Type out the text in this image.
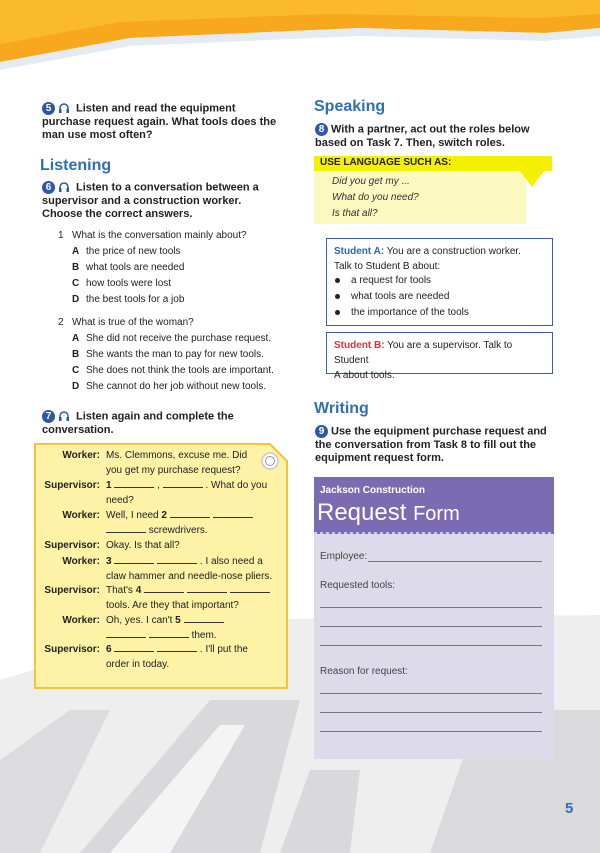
5 Listen and read the equipment purchase request again. What tools does the man use most often?
Listening
6 Listen to a conversation between a supervisor and a construction worker. Choose the correct answers.
1 What is the conversation mainly about?
A the price of new tools
B what tools are needed
C how tools were lost
D the best tools for a job
2 What is true of the woman?
A She did not receive the purchase request.
B She wants the man to pay for new tools.
C She does not think the tools are important.
D She cannot do her job without new tools.
7 Listen again and complete the conversation.
Worker: Ms. Clemmons, excuse me. Did
you get my purchase request?
Supervisor: 1	,	. What do you
need?
Worker: Well, I need 2
screwdrivers.
Supervisor: Okay. Is that all?
Worker: 3	. I also need a
claw hammer and needle-nose pliers.
Supervisor: That's 4
tools. Are they that important?
Worker: Oh, yes. I can't 5
them.
Supervisor: 6	. I'll put the
order in today.
Speaking
8 With a partner, act out the roles below based on Task 7. Then, switch roles.
USE LANGUAGE SUCH AS:
Did you get my ...
What do you need?
Is that all?
Student A: You are a construction worker.
Talk to Student B about:
a request for tools
what tools are needed
the importance of the tools
Student B: You are a supervisor. Talk to Student
A about tools.
Writing
9 Use the equipment purchase request and the conversation from Task 8 to fill out the equipment request form.
Jackson Construction
Request Form
Employee:
Requested tools:
Reason for request:
5
